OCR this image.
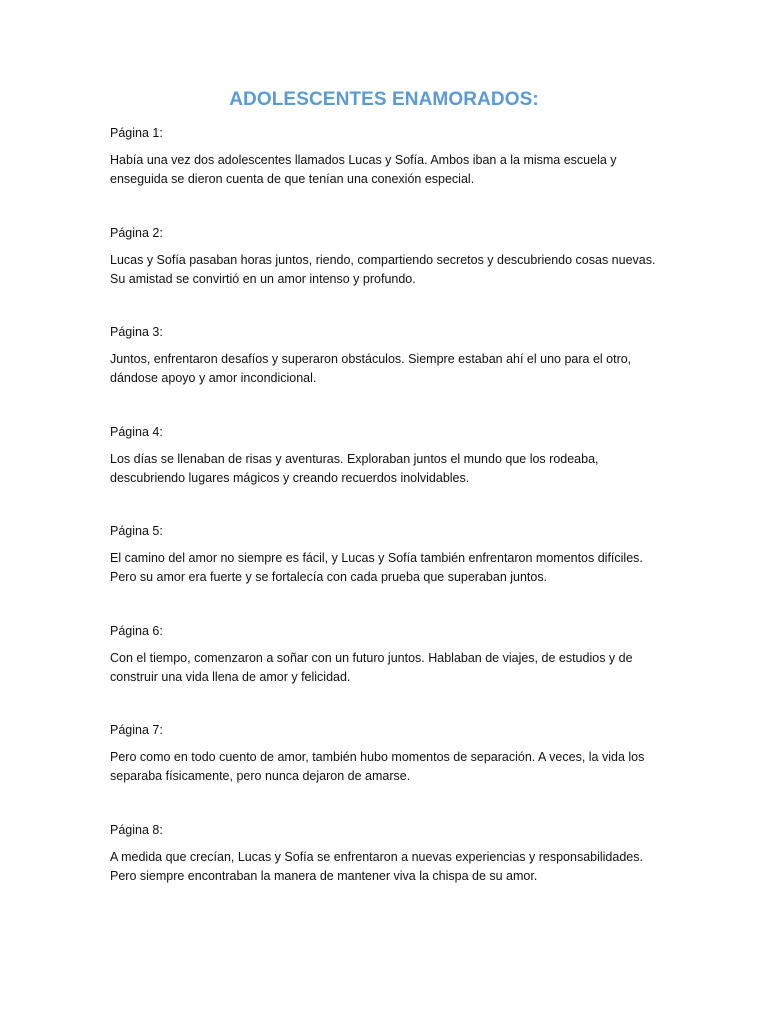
ADOLESCENTES ENAMORADOS:

Página 1:

Había una vez dos adolescentes llamados Lucas y Sofía. Ambos iban a la misma escuela y enseguida se dieron cuenta de que tenían una conexión especial.

Página 2:

Lucas y Sofía pasaban horas juntos, riendo, compartiendo secretos y descubriendo cosas nuevas. Su amistad se convirtió en un amor intenso y profundo.

Página 3:

Juntos, enfrentaron desafíos y superaron obstáculos. Siempre estaban ahí el uno para el otro, dándose apoyo y amor incondicional.

Página 4:

Los días se llenaban de risas y aventuras. Exploraban juntos el mundo que los rodeaba, descubriendo lugares mágicos y creando recuerdos inolvidables.

Página 5:

El camino del amor no siempre es fácil, y Lucas y Sofía también enfrentaron momentos difíciles. Pero su amor era fuerte y se fortalecía con cada prueba que superaban juntos.

Página 6:

Con el tiempo, comenzaron a soñar con un futuro juntos. Hablaban de viajes, de estudios y de construir una vida llena de amor y felicidad.

Página 7:

Pero como en todo cuento de amor, también hubo momentos de separación. A veces, la vida los separaba físicamente, pero nunca dejaron de amarse.

Página 8:

A medida que crecían, Lucas y Sofía se enfrentaron a nuevas experiencias y responsabilidades. Pero siempre encontraban la manera de mantener viva la chispa de su amor.
